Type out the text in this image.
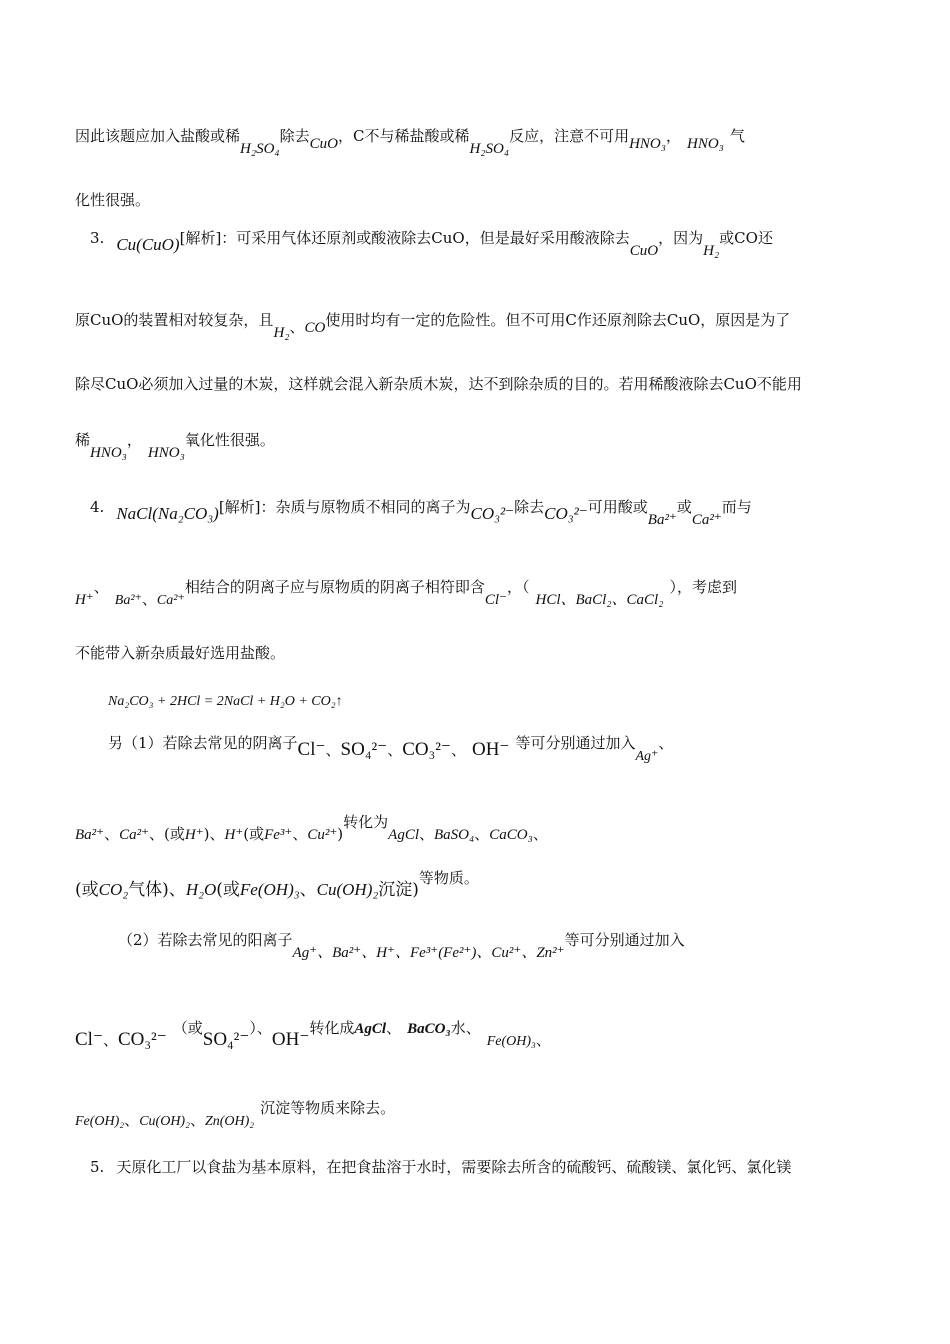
因此该题应加入盐酸或稀H₂SO₄除去CuO，C不与稀盐酸或稀H₂SO₄反应，注意不可用HNO₃， HNO₃ 气
化性很强。
3. Cu(CuO)[解析]：可采用气体还原剂或酸液除去CuO，但是最好采用酸液除去CuO，因为H₂或CO还
原CuO的装置相对较复杂，且H₂、CO使用时均有一定的危险性。但不可用C作还原剂除去CuO，原因是为了
除尽CuO必须加入过量的木炭，这样就会混入新杂质木炭，达不到除杂质的目的。若用稀酸液除去CuO不能用
稀HNO₃，HNO₃氧化性很强。
4. NaCl(Na₂CO₃)[解析]：杂质与原物质不相同的离子为CO₃²⁻除去CO₃²⁻可用酸或Ba²⁺或Ca²⁺而与
H⁺、Ba²⁺、Ca²⁺相结合的阴离子应与原物质的阴离子相符即含Cl⁻，（HCl、BaCl₂、CaCl₂），考虑到
不能带入新杂质最好选用盐酸。
Na₂CO₃ + 2HCl = 2NaCl + H₂O + CO₂↑
另（1）若除去常见的阴离子Cl⁻、SO₄²⁻、CO₃²⁻、 OH⁻ 等可分别通过加入Ag⁺、
Ba²⁺、Ca²⁺、(或H⁺)、H⁺(或Fe³⁺、Cu²⁺)转化为AgCl、BaSO₄、CaCO₃、
(或CO₂气体)、H₂O(或Fe(OH)₃、Cu(OH)₂沉淀)等物质。
（2）若除去常见的阳离子Ag⁺、Ba²⁺、H⁺、Fe³⁺(Fe²⁺)、Cu²⁺、Zn²⁺等可分别通过加入
Cl⁻、CO₃²⁻（或SO₄²⁻）、OH⁻转化成AgCl、 BaCO₃水、Fe(OH)₃、
Fe(OH)₂、Cu(OH)₂、Zn(OH)₂沉淀等物质来除去。
5. 天原化工厂以食盐为基本原料，在把食盐溶于水时，需要除去所含的硫酸钙、硫酸镁、氯化钙、氯化镁
